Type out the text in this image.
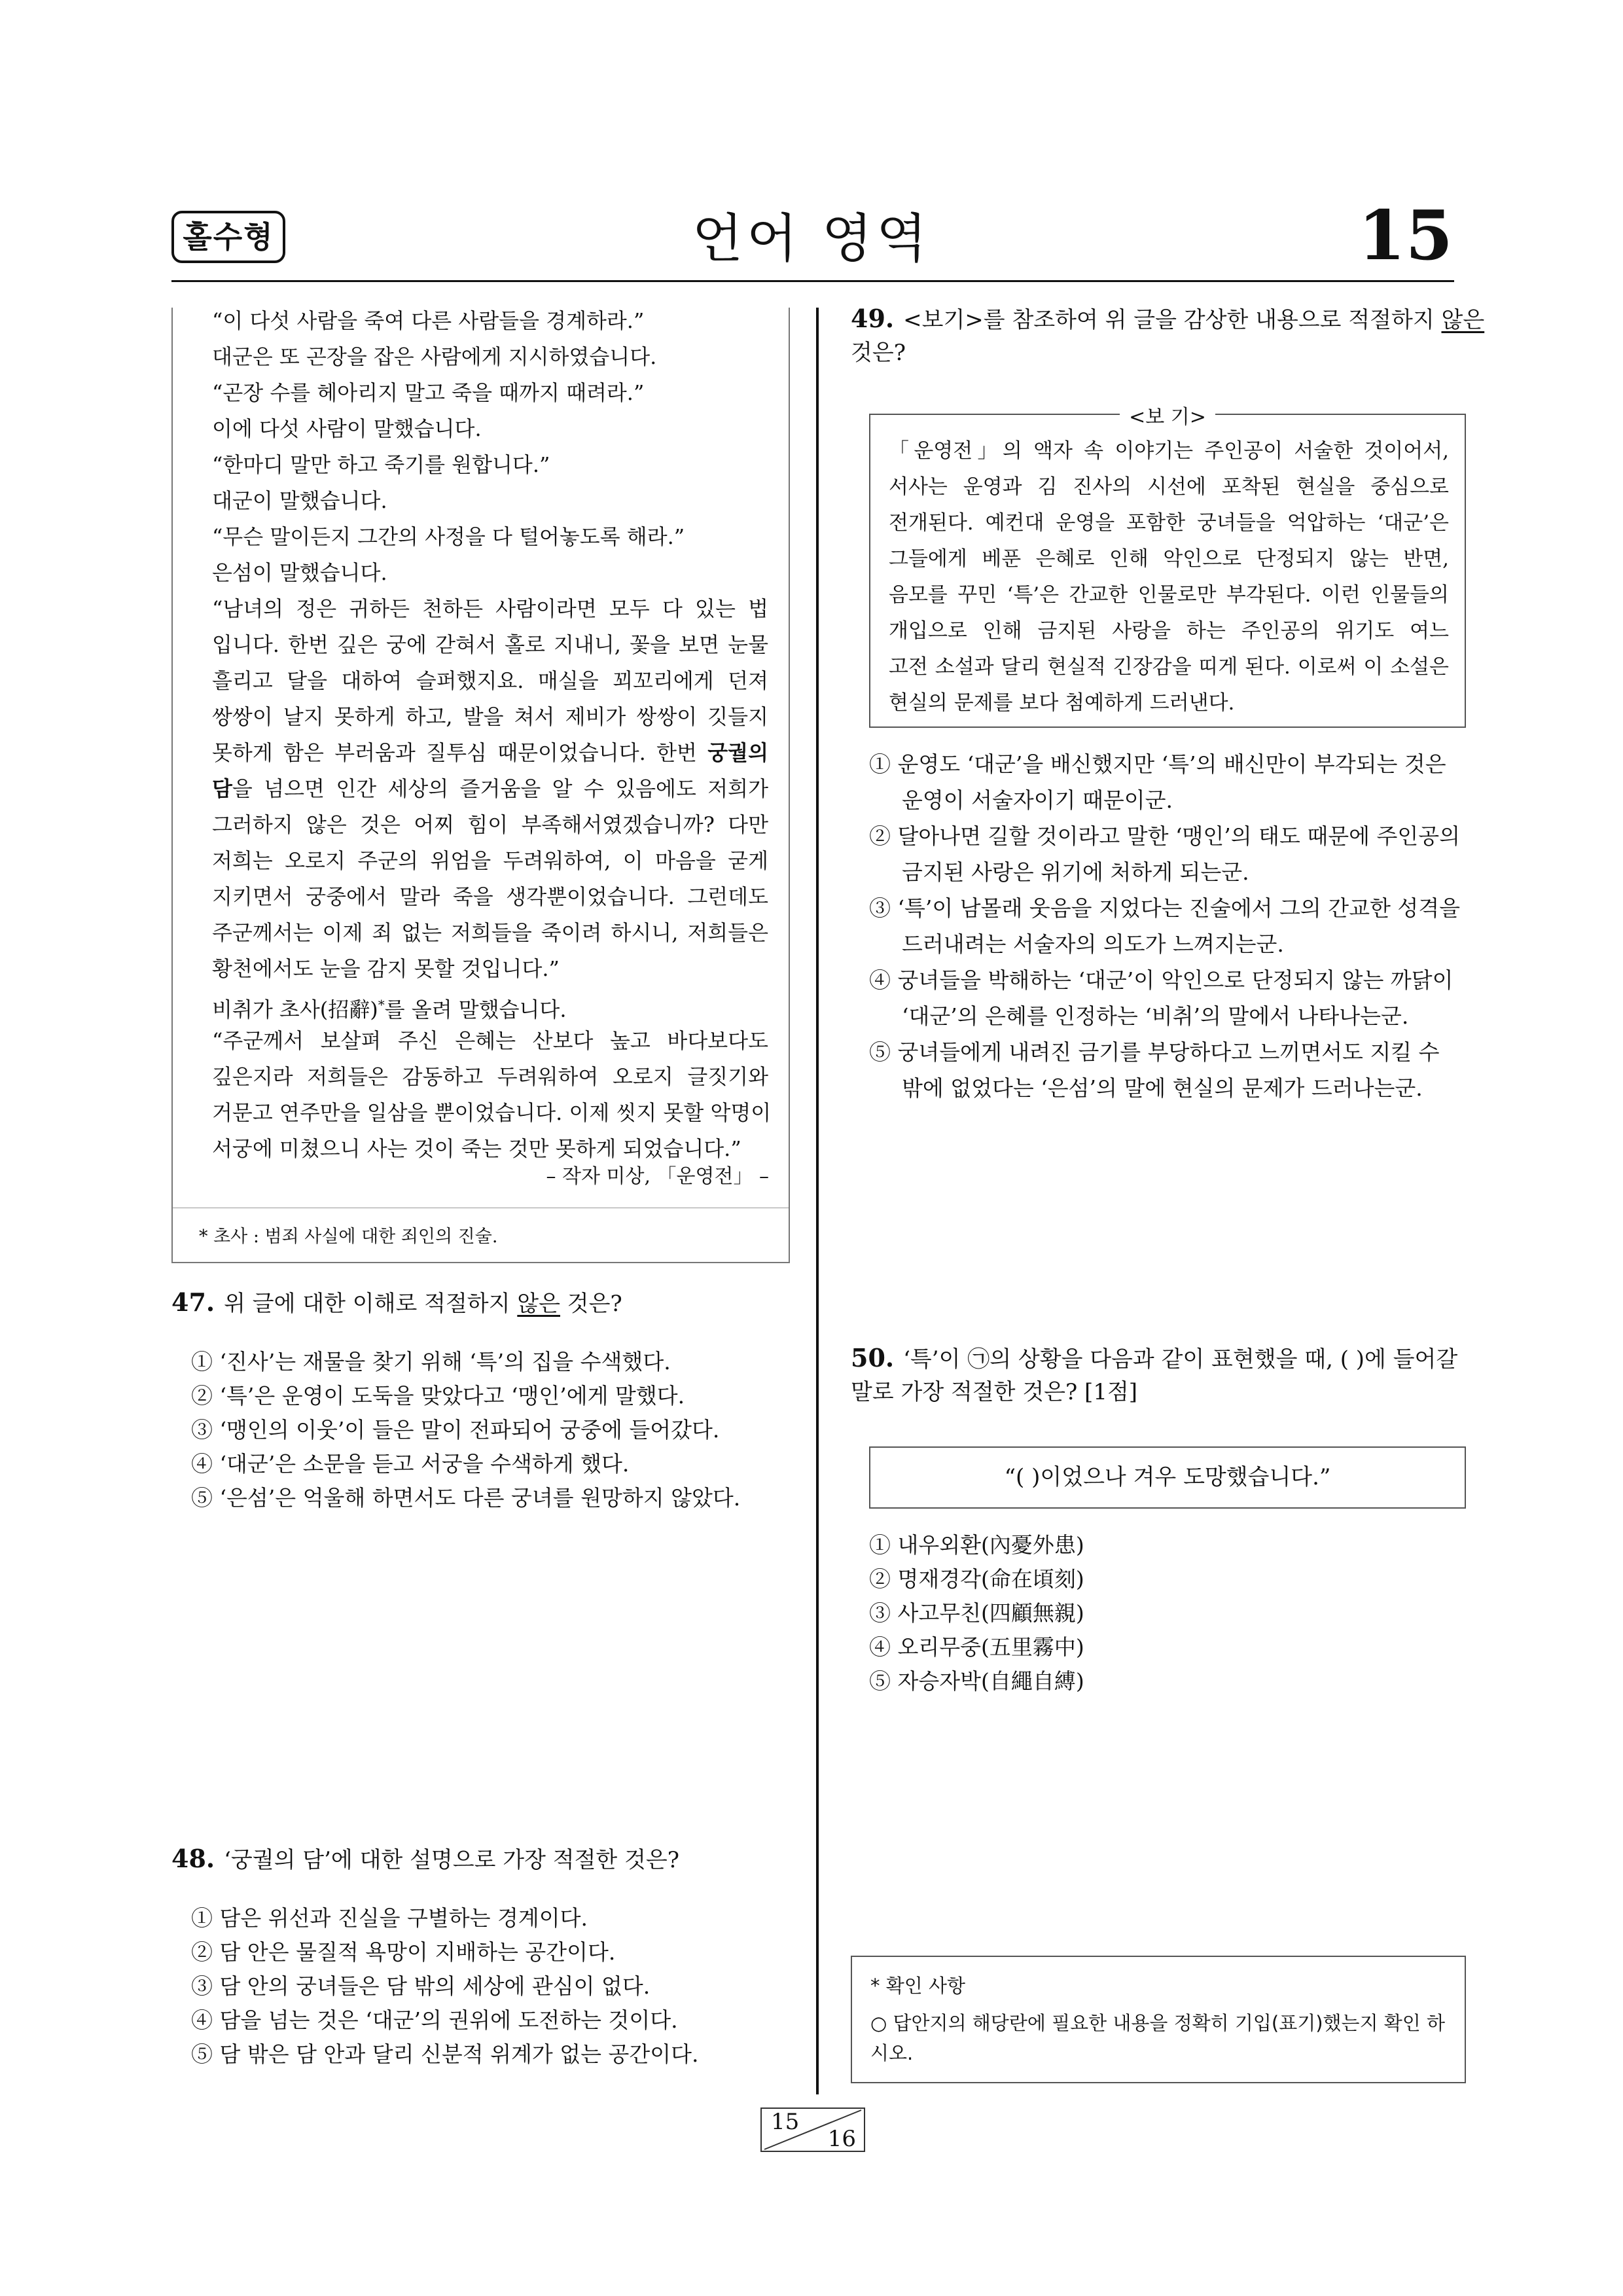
홀수형	언어 영역	15
“이 다섯 사람을 죽여 다른 사람들을 경계하라.”
대군은 또 곤장을 잡은 사람에게 지시하였습니다.
“곤장 수를 헤아리지 말고 죽을 때까지 때려라.”
이에 다섯 사람이 말했습니다.
“한마디 말만 하고 죽기를 원합니다.”
대군이 말했습니다.
“무슨 말이든지 그간의 사정을 다 털어놓도록 해라.”
은섬이 말했습니다.
“남녀의 정은 귀하든 천하든 사람이라면 모두 다 있는 법
입니다. 한번 깊은 궁에 갇혀서 홀로 지내니, 꽃을 보면 눈물
흘리고 달을 대하여 슬퍼했지요. 매실을 꾀꼬리에게 던져
쌍쌍이 날지 못하게 하고, 발을 쳐서 제비가 쌍쌍이 깃들지
못하게 함은 부러움과 질투심 때문이었습니다. 한번 궁궐의
담을 넘으면 인간 세상의 즐거움을 알 수 있음에도 저희가
그러하지 않은 것은 어찌 힘이 부족해서였겠습니까? 다만
저희는 오로지 주군의 위엄을 두려워하여, 이 마음을 굳게
지키면서 궁중에서 말라 죽을 생각뿐이었습니다. 그런데도
주군께서는 이제 죄 없는 저희들을 죽이려 하시니, 저희들은
황천에서도 눈을 감지 못할 것입니다.”
비취가 초사(招辭)*를 올려 말했습니다.
“주군께서 보살펴 주신 은혜는 산보다 높고 바다보다도
깊은지라 저희들은 감동하고 두려워하여 오로지 글짓기와
거문고 연주만을 일삼을 뿐이었습니다. 이제 씻지 못할 악명이
서궁에 미쳤으니 사는 것이 죽는 것만 못하게 되었습니다.”
– 작자 미상, 「운영전」 –
* 초사 : 범죄 사실에 대한 죄인의 진술.
47. 위 글에 대한 이해로 적절하지 않은 것은?
① ‘진사’는 재물을 찾기 위해 ‘특’의 집을 수색했다.
② ‘특’은 운영이 도둑을 맞았다고 ‘맹인’에게 말했다.
③ ‘맹인의 이웃’이 들은 말이 전파되어 궁중에 들어갔다.
④ ‘대군’은 소문을 듣고 서궁을 수색하게 했다.
⑤ ‘은섬’은 억울해 하면서도 다른 궁녀를 원망하지 않았다.
48. ‘궁궐의 담’에 대한 설명으로 가장 적절한 것은?
① 담은 위선과 진실을 구별하는 경계이다.
② 담 안은 물질적 욕망이 지배하는 공간이다.
③ 담 안의 궁녀들은 담 밖의 세상에 관심이 없다.
④ 담을 넘는 것은 ‘대군’의 권위에 도전하는 것이다.
⑤ 담 밖은 담 안과 달리 신분적 위계가 없는 공간이다.
49. <보기>를 참조하여 위 글을 감상한 내용으로 적절하지 않은
것은?
<보 기>
「운영전」의 액자 속 이야기는 주인공이 서술한 것이어서,
서사는 운영과 김 진사의 시선에 포착된 현실을 중심으로
전개된다. 예컨대 운영을 포함한 궁녀들을 억압하는 ‘대군’은
그들에게 베푼 은혜로 인해 악인으로 단정되지 않는 반면,
음모를 꾸민 ‘특’은 간교한 인물로만 부각된다. 이런 인물들의
개입으로 인해 금지된 사랑을 하는 주인공의 위기도 여느
고전 소설과 달리 현실적 긴장감을 띠게 된다. 이로써 이 소설은
현실의 문제를 보다 첨예하게 드러낸다.
① 운영도 ‘대군’을 배신했지만 ‘특’의 배신만이 부각되는 것은
운영이 서술자이기 때문이군.
② 달아나면 길할 것이라고 말한 ‘맹인’의 태도 때문에 주인공의
금지된 사랑은 위기에 처하게 되는군.
③ ‘특’이 남몰래 웃음을 지었다는 진술에서 그의 간교한 성격을
드러내려는 서술자의 의도가 느껴지는군.
④ 궁녀들을 박해하는 ‘대군’이 악인으로 단정되지 않는 까닭이
‘대군’의 은혜를 인정하는 ‘비취’의 말에서 나타나는군.
⑤ 궁녀들에게 내려진 금기를 부당하다고 느끼면서도 지킬 수
밖에 없었다는 ‘은섬’의 말에 현실의 문제가 드러나는군.
50. ‘특’이 ㉠의 상황을 다음과 같이 표현했을 때, ( )에 들어갈
말로 가장 적절한 것은? [1점]
“( )이었으나 겨우 도망했습니다.”
① 내우외환(內憂外患)
② 명재경각(命在頃刻)
③ 사고무친(四顧無親)
④ 오리무중(五里霧中)
⑤ 자승자박(自繩自縛)
* 확인 사항
○ 답안지의 해당란에 필요한 내용을 정확히 기입(표기)했는지 확인 하시오.
15
16
